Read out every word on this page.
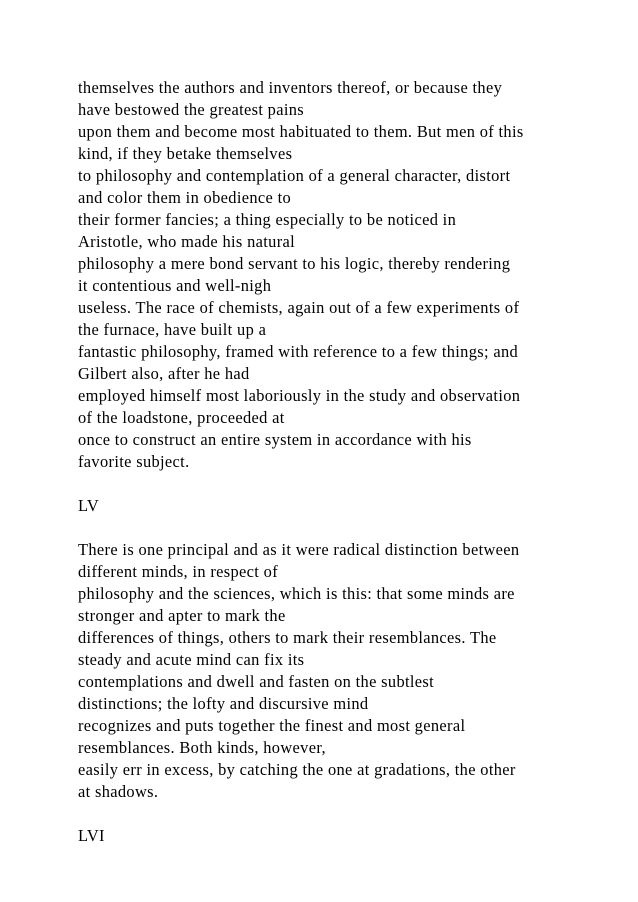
themselves the authors and inventors thereof, or because they
have bestowed the greatest pains
upon them and become most habituated to them. But men of this
kind, if they betake themselves
to philosophy and contemplation of a general character, distort
and color them in obedience to
their former fancies; a thing especially to be noticed in
Aristotle, who made his natural
philosophy a mere bond servant to his logic, thereby rendering
it contentious and well-nigh
useless. The race of chemists, again out of a few experiments of
the furnace, have built up a
fantastic philosophy, framed with reference to a few things; and
Gilbert also, after he had
employed himself most laboriously in the study and observation
of the loadstone, proceeded at
once to construct an entire system in accordance with his
favorite subject.
LV
There is one principal and as it were radical distinction between
different minds, in respect of
philosophy and the sciences, which is this: that some minds are
stronger and apter to mark the
differences of things, others to mark their resemblances. The
steady and acute mind can fix its
contemplations and dwell and fasten on the subtlest
distinctions; the lofty and discursive mind
recognizes and puts together the finest and most general
resemblances. Both kinds, however,
easily err in excess, by catching the one at gradations, the other
at shadows.
LVI
